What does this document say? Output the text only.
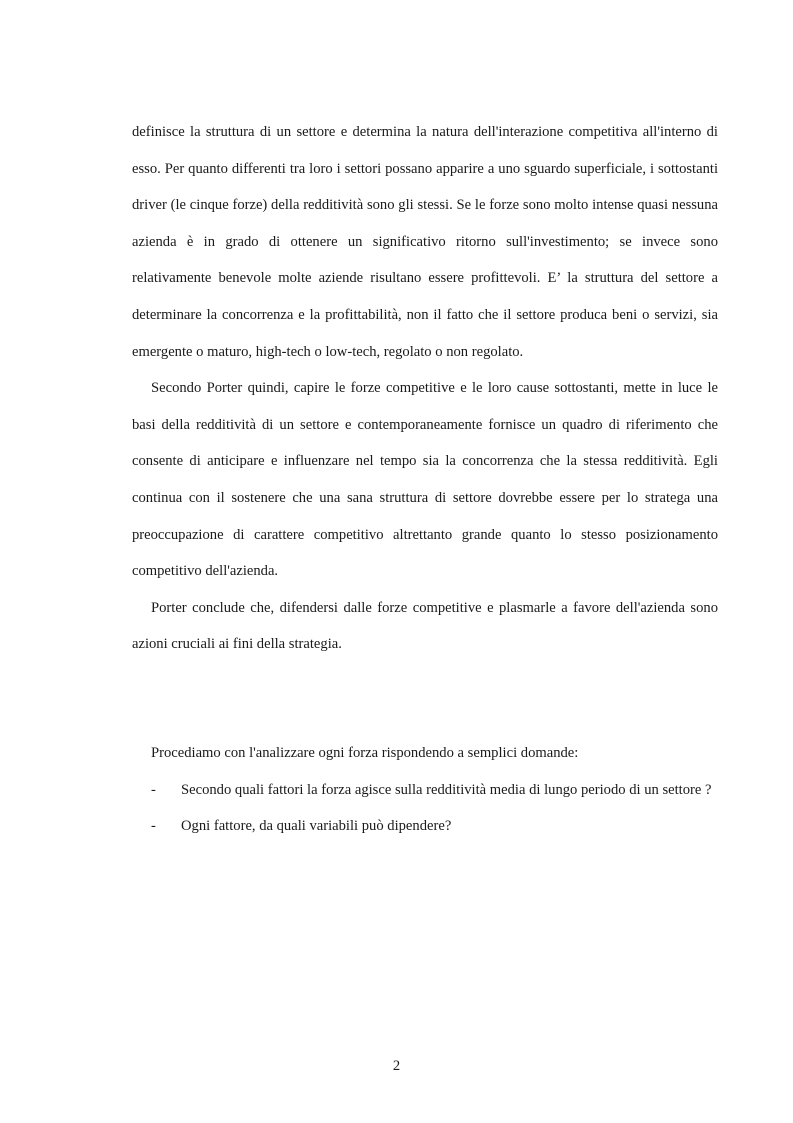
definisce la struttura di un settore e determina la natura dell'interazione competitiva all'interno di esso. Per quanto differenti tra loro i settori possano apparire a uno sguardo superficiale, i sottostanti driver (le cinque forze) della redditività sono gli stessi. Se le forze sono molto intense quasi nessuna azienda è in grado di ottenere un significativo ritorno sull'investimento; se invece sono relativamente benevole molte aziende risultano essere profittevoli. E’ la struttura del settore a determinare la concorrenza e la profittabilità, non il fatto che il settore produca beni o servizi, sia emergente o maturo, high-tech o low-tech, regolato o non regolato.

Secondo Porter quindi, capire le forze competitive e le loro cause sottostanti, mette in luce le basi della redditività di un settore e contemporaneamente fornisce un quadro di riferimento che consente di anticipare e influenzare nel tempo sia la concorrenza che la stessa redditività. Egli continua con il sostenere che una sana struttura di settore dovrebbe essere per lo stratega una preoccupazione di carattere competitivo altrettanto grande quanto lo stesso posizionamento competitivo dell'azienda.

Porter conclude che, difendersi dalle forze competitive e plasmarle a favore dell'azienda sono azioni cruciali ai fini della strategia.

Procediamo con l'analizzare ogni forza rispondendo a semplici domande:

- Secondo quali fattori la forza agisce sulla redditività media di lungo periodo di un settore ?

- Ogni fattore, da quali variabili può dipendere?

2
